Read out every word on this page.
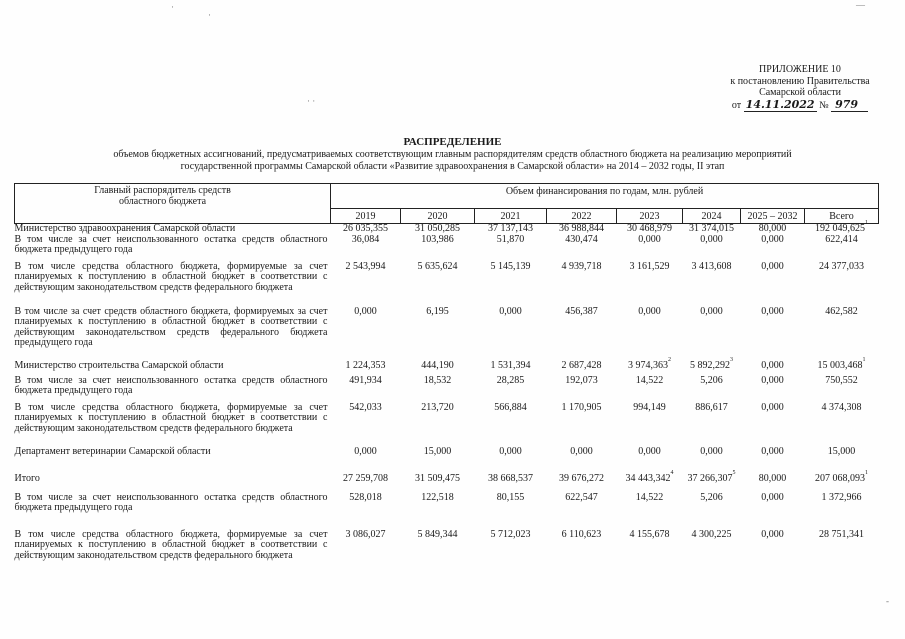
·
·
· ·
—
-
ПРИЛОЖЕНИЕ 10
к постановлению Правительства
Самарской области
от 14.11.2022 № 979
РАСПРЕДЕЛЕНИЕ
объемов бюджетных ассигнований, предусматриваемых соответствующим главным распорядителям средств областного бюджета на реализацию мероприятий
государственной программы Самарской области «Развитие здравоохранения в Самарской области» на 2014 – 2032 годы, II этап
Главный распорядитель средств областного бюджета	Объем финансирования по годам, млн. рублей							
	2019	2020	2021	2022	2023	2024	2025 – 2032	Всего
Министерство здравоохранения Самарской области	26 035,355	31 050,285	37 137,143	36 988,844	30 468,979	31 374,015	80,000	192 049,625$^1$
В том числе за счет неиспользованного остатка средств областного бюджета предыдущего года	36,084	103,986	51,870	430,474	0,000	0,000	0,000	622,414
В том числе средства областного бюджета, формируемые за счет планируемых к поступлению в областной бюджет в соответствии с действующим законодательством средств федерального бюджета	2 543,994	5 635,624	5 145,139	4 939,718	3 161,529	3 413,608	0,000	24 377,033
В том числе за счет средств областного бюджета, формируемых за счет планируемых к поступлению в областной бюджет в соответствии с действующим законодательством средств федерального бюджета предыдущего года	0,000	6,195	0,000	456,387	0,000	0,000	0,000	462,582
Министерство строительства Самарской области	1 224,353	444,190	1 531,394	2 687,428	3 974,363$^2$	5 892,292$^3$	0,000	15 003,468$^1$
В том числе за счет неиспользованного остатка средств областного бюджета предыдущего года	491,934	18,532	28,285	192,073	14,522	5,206	0,000	750,552
В том числе средства областного бюджета, формируемые за счет планируемых к поступлению в областной бюджет в соответствии с действующим законодательством средств федерального бюджета	542,033	213,720	566,884	1 170,905	994,149	886,617	0,000	4 374,308
Департамент ветеринарии Самарской области	0,000	15,000	0,000	0,000	0,000	0,000	0,000	15,000
Итого	27 259,708	31 509,475	38 668,537	39 676,272	34 443,342$^4$	37 266,307$^5$	80,000	207 068,093$^1$
В том числе за счет неиспользованного остатка средств областного бюджета предыдущего года	528,018	122,518	80,155	622,547	14,522	5,206	0,000	1 372,966
В том числе средства областного бюджета, формируемые за счет планируемых к поступлению в областной бюджет в соответствии с действующим законодательством средств федерального бюджета	3 086,027	5 849,344	5 712,023	6 110,623	4 155,678	4 300,225	0,000	28 751,341
